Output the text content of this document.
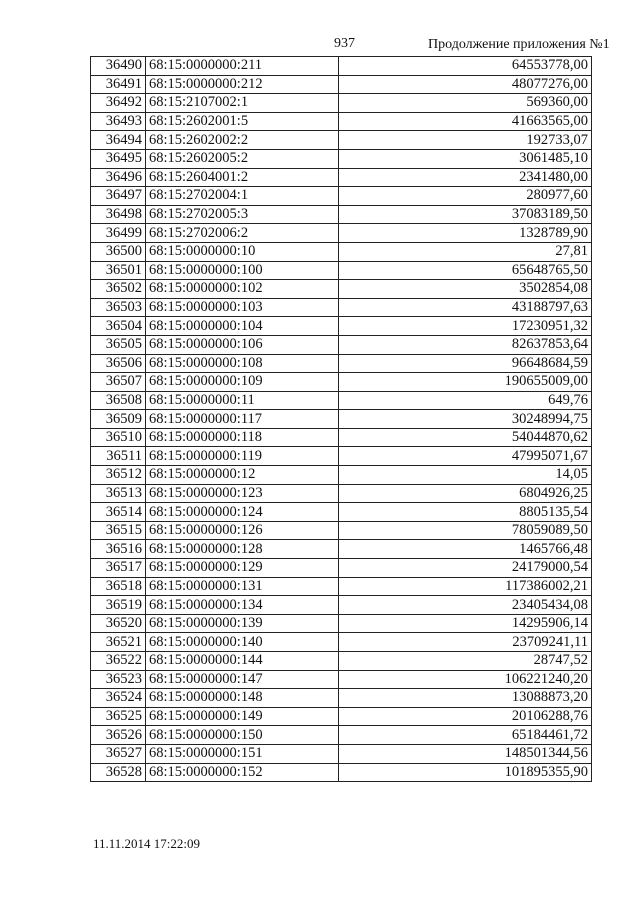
937	Продолжение приложения №1
36490	68:15:0000000:211	64553778,00
36491	68:15:0000000:212	48077276,00
36492	68:15:2107002:1	569360,00
36493	68:15:2602001:5	41663565,00
36494	68:15:2602002:2	192733,07
36495	68:15:2602005:2	3061485,10
36496	68:15:2604001:2	2341480,00
36497	68:15:2702004:1	280977,60
36498	68:15:2702005:3	37083189,50
36499	68:15:2702006:2	1328789,90
36500	68:15:0000000:10	27,81
36501	68:15:0000000:100	65648765,50
36502	68:15:0000000:102	3502854,08
36503	68:15:0000000:103	43188797,63
36504	68:15:0000000:104	17230951,32
36505	68:15:0000000:106	82637853,64
36506	68:15:0000000:108	96648684,59
36507	68:15:0000000:109	190655009,00
36508	68:15:0000000:11	649,76
36509	68:15:0000000:117	30248994,75
36510	68:15:0000000:118	54044870,62
36511	68:15:0000000:119	47995071,67
36512	68:15:0000000:12	14,05
36513	68:15:0000000:123	6804926,25
36514	68:15:0000000:124	8805135,54
36515	68:15:0000000:126	78059089,50
36516	68:15:0000000:128	1465766,48
36517	68:15:0000000:129	24179000,54
36518	68:15:0000000:131	117386002,21
36519	68:15:0000000:134	23405434,08
36520	68:15:0000000:139	14295906,14
36521	68:15:0000000:140	23709241,11
36522	68:15:0000000:144	28747,52
36523	68:15:0000000:147	106221240,20
36524	68:15:0000000:148	13088873,20
36525	68:15:0000000:149	20106288,76
36526	68:15:0000000:150	65184461,72
36527	68:15:0000000:151	148501344,56
36528	68:15:0000000:152	101895355,90
11.11.2014 17:22:09
